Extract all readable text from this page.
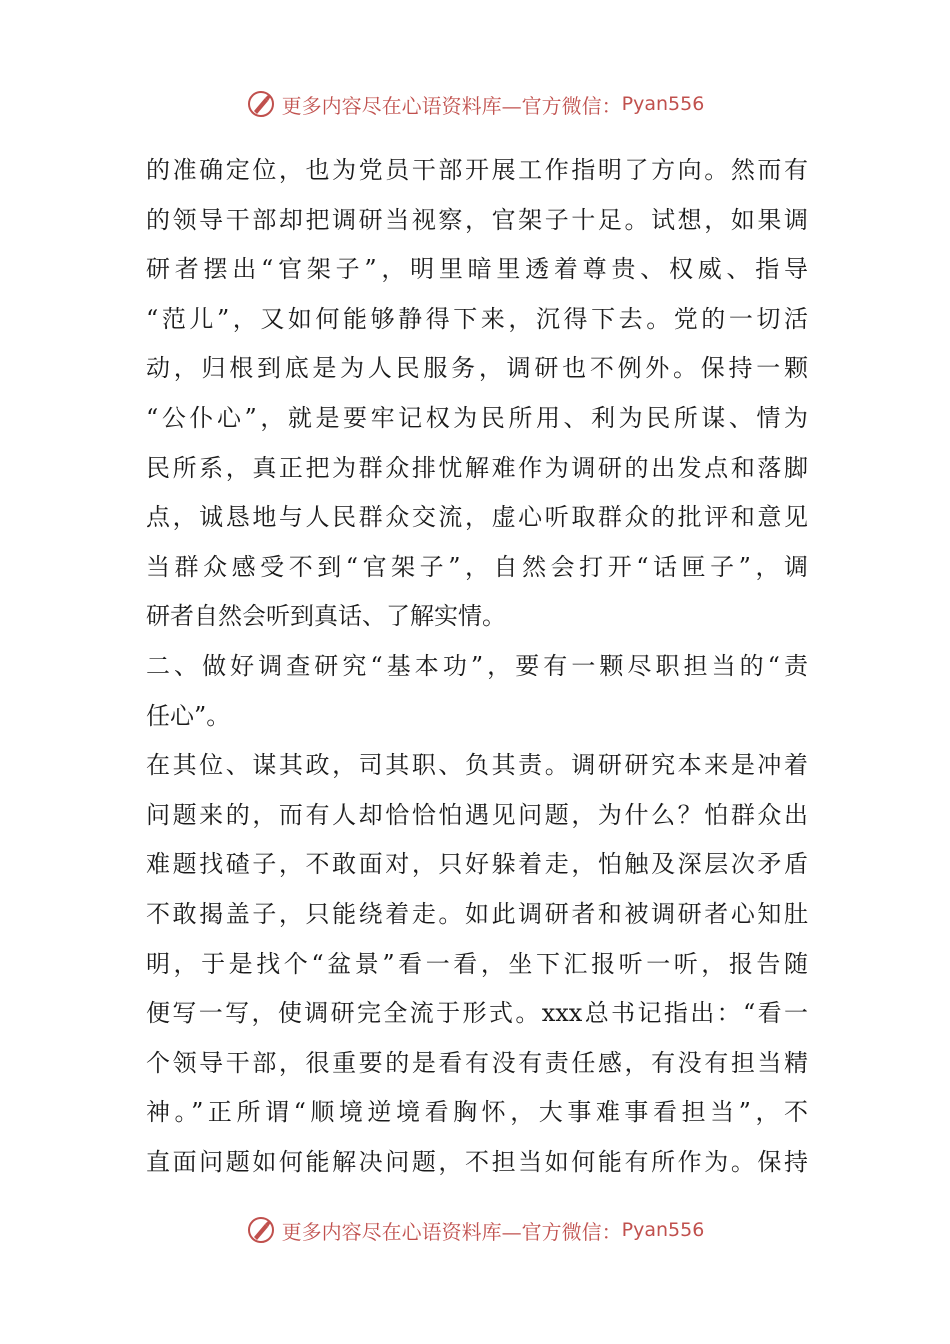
更多内容尽在心语资料库—官方微信： Pyan556
的准确定位，也为党员干部开展工作指明了方向。然而有
的领导干部却把调研当视察，官架子十足。试想，如果调
研者摆出“官架子”，明里暗里透着尊贵、权威、指导
“范儿”，又如何能够静得下来，沉得下去。党的一切活
动，归根到底是为人民服务，调研也不例外。保持一颗
“公仆心”，就是要牢记权为民所用、利为民所谋、情为
民所系，真正把为群众排忧解难作为调研的出发点和落脚
点，诚恳地与人民群众交流，虚心听取群众的批评和意见
当群众感受不到“官架子”，自然会打开“话匣子”，调
研者自然会听到真话、了解实情。
二、做好调查研究“基本功”，要有一颗尽职担当的“责
任心”。
在其位、谋其政，司其职、负其责。调研研究本来是冲着
问题来的，而有人却恰恰怕遇见问题，为什么？怕群众出
难题找碴子，不敢面对，只好躲着走，怕触及深层次矛盾
不敢揭盖子，只能绕着走。如此调研者和被调研者心知肚
明，于是找个“盆景”看一看，坐下汇报听一听，报告随
便写一写，使调研完全流于形式。xxx总书记指出：“看一
个领导干部，很重要的是看有没有责任感，有没有担当精
神。”正所谓“顺境逆境看胸怀，大事难事看担当”，不
直面问题如何能解决问题，不担当如何能有所作为。保持
更多内容尽在心语资料库—官方微信： Pyan556
